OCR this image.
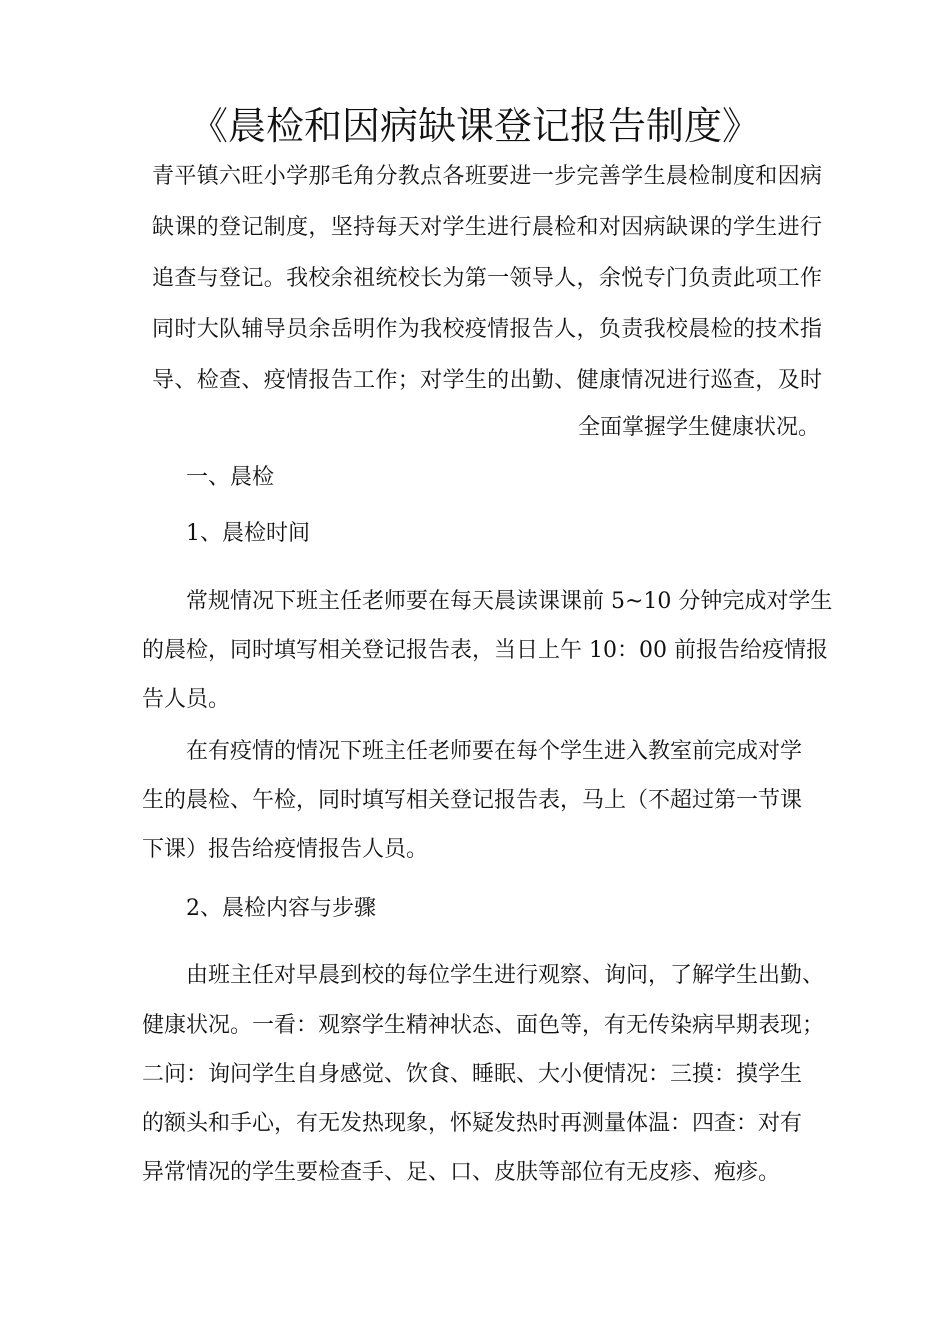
《晨检和因病缺课登记报告制度》
青平镇六旺小学那毛角分教点各班要进一步完善学生晨检制度和因病
缺课的登记制度，坚持每天对学生进行晨检和对因病缺课的学生进行
追查与登记。我校余祖统校长为第一领导人，余悦专门负责此项工作
同时大队辅导员余岳明作为我校疫情报告人，负责我校晨检的技术指
导、检查、疫情报告工作；对学生的出勤、健康情况进行巡查，及时
全面掌握学生健康状况。
一、晨检
1、晨检时间
常规情况下班主任老师要在每天晨读课课前 5~10 分钟完成对学生
的晨检，同时填写相关登记报告表，当日上午 10：00 前报告给疫情报
告人员。
在有疫情的情况下班主任老师要在每个学生进入教室前完成对学
生的晨检、午检，同时填写相关登记报告表，马上（不超过第一节课
下课）报告给疫情报告人员。
2、晨检内容与步骤
由班主任对早晨到校的每位学生进行观察、询问，了解学生出勤、
健康状况。一看：观察学生精神状态、面色等，有无传染病早期表现；
二问：询问学生自身感觉、饮食、睡眠、大小便情况：三摸：摸学生
的额头和手心，有无发热现象，怀疑发热时再测量体温：四查：对有
异常情况的学生要检查手、足、口、皮肤等部位有无皮疹、疱疹。
